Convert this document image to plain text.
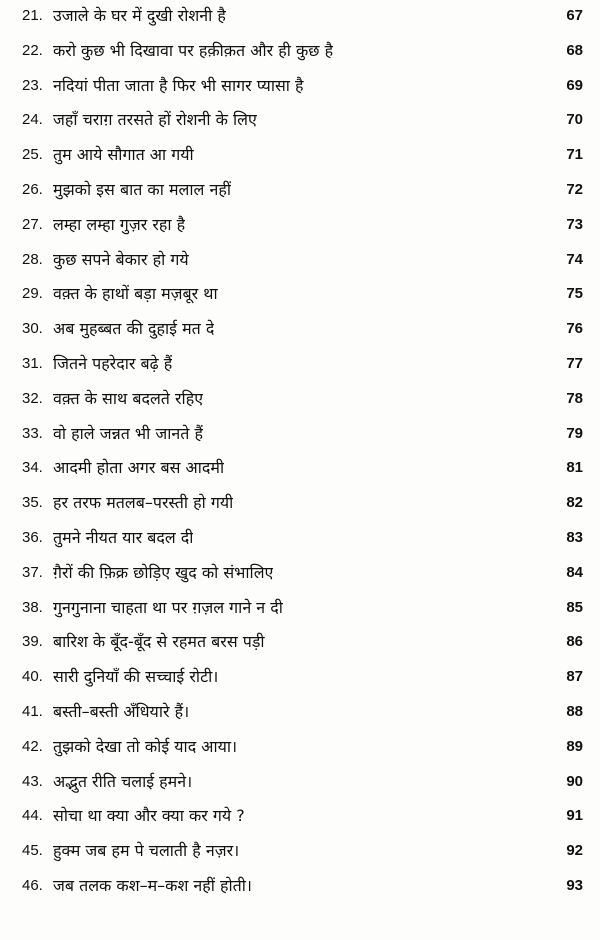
21. उजाले के घर में दुखी रोशनी है	67
22. करो कुछ भी दिखावा पर हक़ीक़त और ही कुछ है	68
23. नदियां पीता जाता है फिर भी सागर प्यासा है	69
24. जहाँ चराग़ तरसते हों रोशनी के लिए	70
25. तुम आये सौगात आ गयी	71
26. मुझको इस बात का मलाल नहीं	72
27. लम्हा लम्हा गुज़र रहा है	73
28. कुछ सपने बेकार हो गये	74
29. वक़्त के हाथों बड़ा मज़बूर था	75
30. अब मुहब्बत की दुहाई मत दे	76
31. जितने पहरेदार बढ़े हैं	77
32. वक़्त के साथ बदलते रहिए	78
33. वो हाले जन्नत भी जानते हैं	79
34. आदमी होता अगर बस आदमी	81
35. हर तरफ मतलब–परस्ती हो गयी	82
36. तुमने नीयत यार बदल दी	83
37. ग़ैरों की फ़िक्र छोड़िए खुद को संभालिए	84
38. गुनगुनाना चाहता था पर ग़ज़ल गाने न दी	85
39. बारिश के बूँद-बूँद से रहमत बरस पड़ी	86
40. सारी दुनियाँ की सच्चाई रोटी।	87
41. बस्ती–बस्ती अँधियारे हैं।	88
42. तुझको देखा तो कोई याद आया।	89
43. अद्भुत रीति चलाई हमने।	90
44. सोचा था क्या और क्या कर गये ?	91
45. हुक्म जब हम पे चलाती है नज़र।	92
46. जब तलक कश–म–कश नहीं होती।	93
